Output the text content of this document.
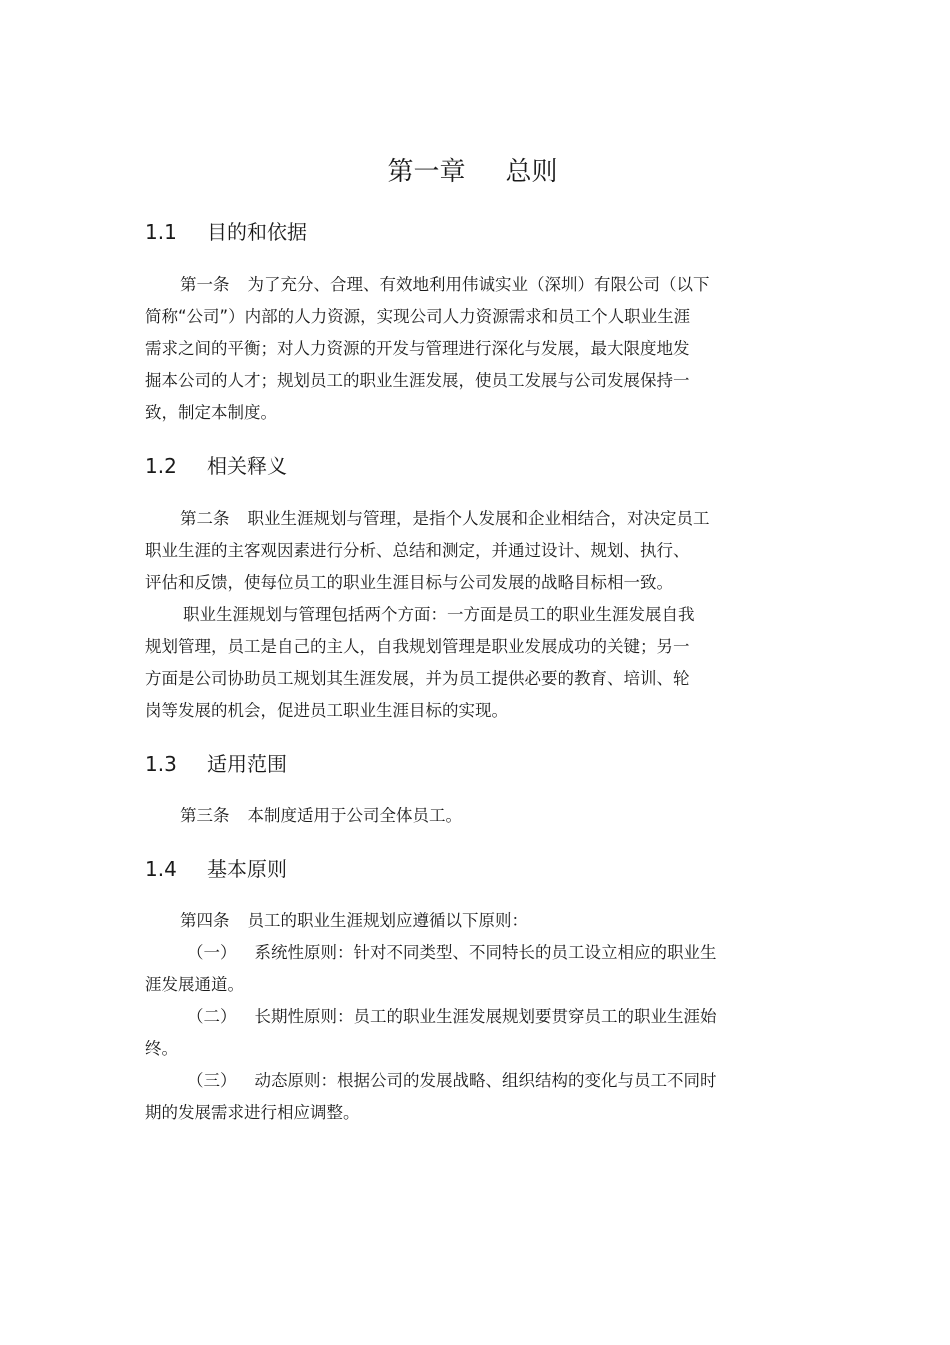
第一章 总则
1.1 目的和依据
第一条 为了充分、合理、有效地利用伟诚实业（深圳）有限公司（以下
简称“公司”）内部的人力资源，实现公司人力资源需求和员工个人职业生涯
需求之间的平衡；对人力资源的开发与管理进行深化与发展，最大限度地发
掘本公司的人才；规划员工的职业生涯发展，使员工发展与公司发展保持一
致，制定本制度。
1.2 相关释义
第二条 职业生涯规划与管理，是指个人发展和企业相结合，对决定员工
职业生涯的主客观因素进行分析、总结和测定，并通过设计、规划、执行、
评估和反馈，使每位员工的职业生涯目标与公司发展的战略目标相一致。
职业生涯规划与管理包括两个方面：一方面是员工的职业生涯发展自我
规划管理，员工是自己的主人，自我规划管理是职业发展成功的关键；另一
方面是公司协助员工规划其生涯发展，并为员工提供必要的教育、培训、轮
岗等发展的机会，促进员工职业生涯目标的实现。
1.3 适用范围
第三条 本制度适用于公司全体员工。
1.4 基本原则
第四条 员工的职业生涯规划应遵循以下原则：
（一） 系统性原则：针对不同类型、不同特长的员工设立相应的职业生
涯发展通道。
（二） 长期性原则：员工的职业生涯发展规划要贯穿员工的职业生涯始
终。
（三） 动态原则：根据公司的发展战略、组织结构的变化与员工不同时
期的发展需求进行相应调整。
